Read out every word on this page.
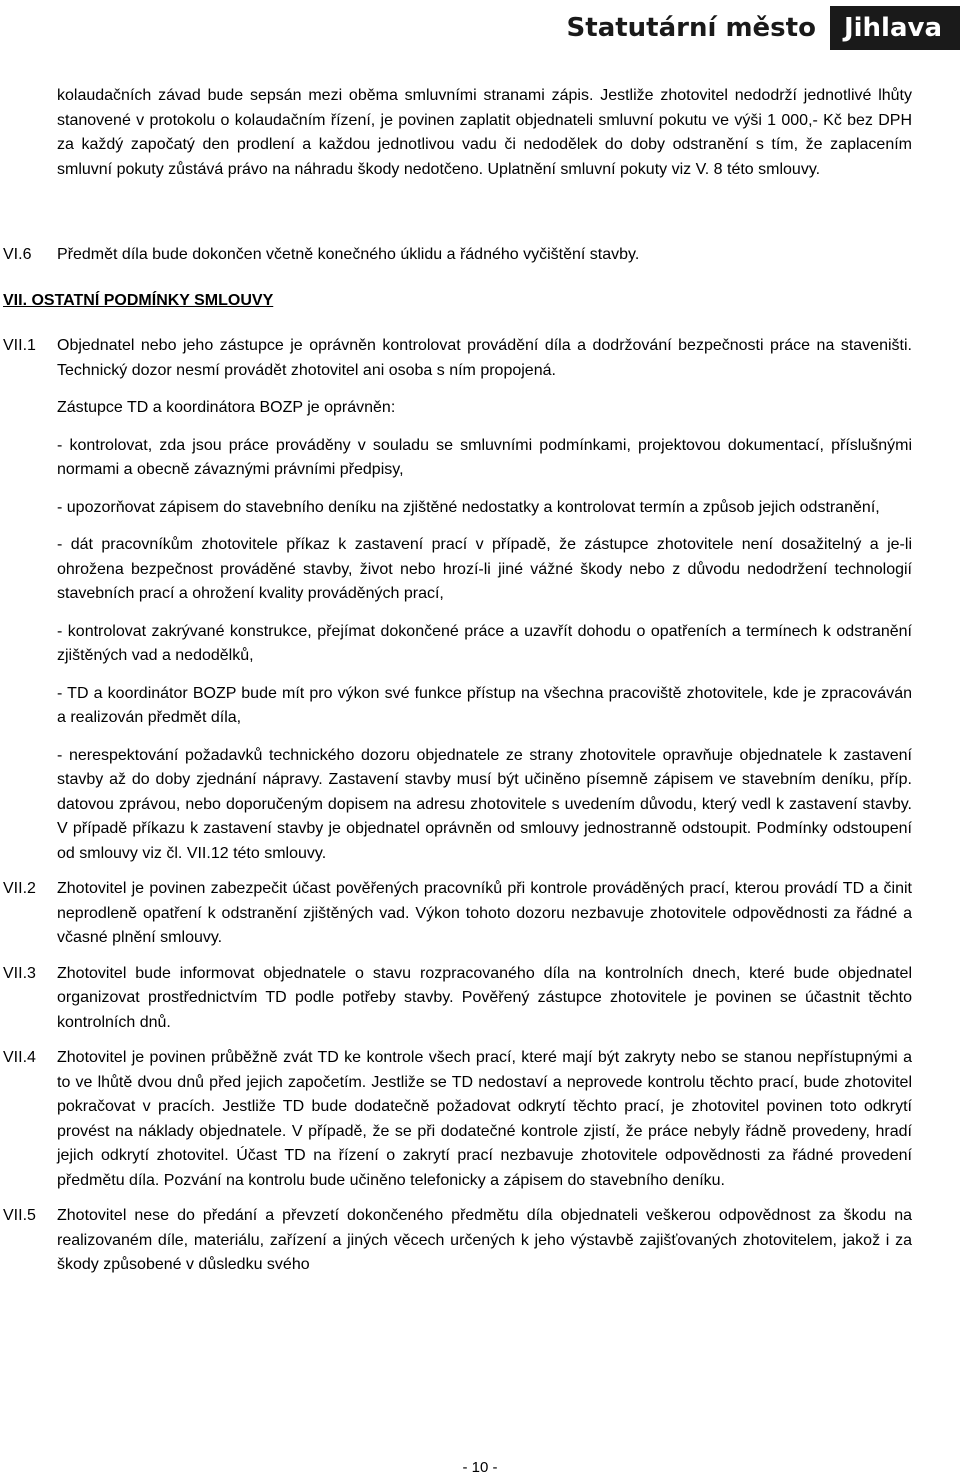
Statutární město	Jihlava

kolaudačních závad bude sepsán mezi oběma smluvními stranami zápis. Jestliže zhotovitel nedodrží jednotlivé lhůty stanovené v protokolu o kolaudačním řízení, je povinen zaplatit objednateli smluvní pokutu ve výši 1 000,- Kč bez DPH za každý započatý den prodlení a každou jednotlivou vadu či nedodělek do doby odstranění s tím, že zaplacením smluvní pokuty zůstává právo na náhradu škody nedotčeno. Uplatnění smluvní pokuty viz V. 8 této smlouvy.

VI.6 Předmět díla bude dokončen včetně konečného úklidu a řádného vyčištění stavby.

VII. OSTATNÍ PODMÍNKY SMLOUVY

VII.1 Objednatel nebo jeho zástupce je oprávněn kontrolovat provádění díla a dodržování bezpečnosti práce na staveništi. Technický dozor nesmí provádět zhotovitel ani osoba s ním propojená.

Zástupce TD a koordinátora BOZP je oprávněn:

- kontrolovat, zda jsou práce prováděny v souladu se smluvními podmínkami, projektovou dokumentací, příslušnými normami a obecně závaznými právními předpisy,

- upozorňovat zápisem do stavebního deníku na zjištěné nedostatky a kontrolovat termín a způsob jejich odstranění,

- dát pracovníkům zhotovitele příkaz k zastavení prací v případě, že zástupce zhotovitele není dosažitelný a je-li ohrožena bezpečnost prováděné stavby, život nebo hrozí-li jiné vážné škody nebo z důvodu nedodržení technologií stavebních prací a ohrožení kvality prováděných prací,

- kontrolovat zakrývané konstrukce, přejímat dokončené práce a uzavřít dohodu o opatřeních a termínech k odstranění zjištěných vad a nedodělků,

- TD a koordinátor BOZP bude mít pro výkon své funkce přístup na všechna pracoviště zhotovitele, kde je zpracováván a realizován předmět díla,

- nerespektování požadavků technického dozoru objednatele ze strany zhotovitele opravňuje objednatele k zastavení stavby až do doby zjednání nápravy. Zastavení stavby musí být učiněno písemně zápisem ve stavebním deníku, příp. datovou zprávou, nebo doporučeným dopisem na adresu zhotovitele s uvedením důvodu, který vedl k zastavení stavby. V případě příkazu k zastavení stavby je objednatel oprávněn od smlouvy jednostranně odstoupit. Podmínky odstoupení od smlouvy viz čl. VII.12 této smlouvy.

VII.2 Zhotovitel je povinen zabezpečit účast pověřených pracovníků při kontrole prováděných prací, kterou provádí TD a činit neprodleně opatření k odstranění zjištěných vad. Výkon tohoto dozoru nezbavuje zhotovitele odpovědnosti za řádné a včasné plnění smlouvy.

VII.3 Zhotovitel bude informovat objednatele o stavu rozpracovaného díla na kontrolních dnech, které bude objednatel organizovat prostřednictvím TD podle potřeby stavby. Pověřený zástupce zhotovitele je povinen se účastnit těchto kontrolních dnů.

VII.4 Zhotovitel je povinen průběžně zvát TD ke kontrole všech prací, které mají být zakryty nebo se stanou nepřístupnými a to ve lhůtě dvou dnů před jejich započetím. Jestliže se TD nedostaví a neprovede kontrolu těchto prací, bude zhotovitel pokračovat v pracích. Jestliže TD bude dodatečně požadovat odkrytí těchto prací, je zhotovitel povinen toto odkrytí provést na náklady objednatele. V případě, že se při dodatečné kontrole zjistí, že práce nebyly řádně provedeny, hradí jejich odkrytí zhotovitel. Účast TD na řízení o zakrytí prací nezbavuje zhotovitele odpovědnosti za řádné provedení předmětu díla. Pozvání na kontrolu bude učiněno telefonicky a zápisem do stavebního deníku.

VII.5 Zhotovitel nese do předání a převzetí dokončeného předmětu díla objednateli veškerou odpovědnost za škodu na realizovaném díle, materiálu, zařízení a jiných věcech určených k jeho výstavbě zajišťovaných zhotovitelem, jakož i za škody způsobené v důsledku svého

- 10 -
